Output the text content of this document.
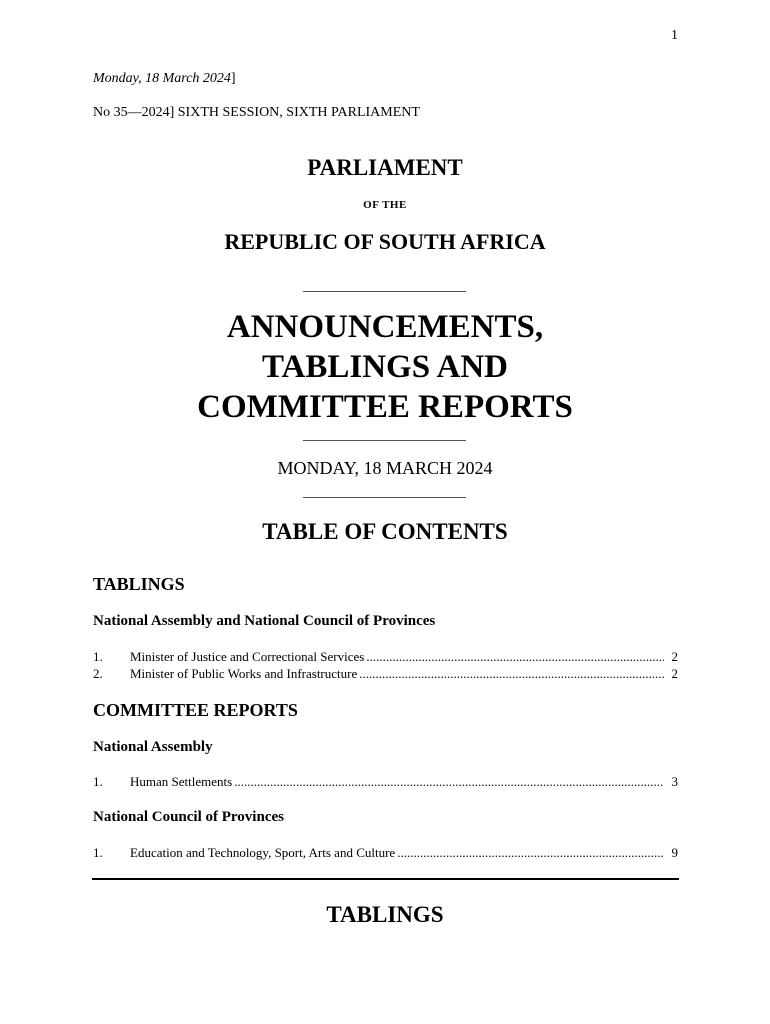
1
Monday, 18 March 2024]
No 35—2024] SIXTH SESSION, SIXTH PARLIAMENT
PARLIAMENT
OF THE
REPUBLIC OF SOUTH AFRICA
ANNOUNCEMENTS,
TABLINGS AND
COMMITTEE REPORTS
MONDAY, 18 MARCH 2024
TABLE OF CONTENTS
TABLINGS
National Assembly and National Council of Provinces
1.	Minister of Justice and Correctional Services .....	2
2.	Minister of Public Works and Infrastructure .....	2
COMMITTEE REPORTS
National Assembly
1.	Human Settlements .....	3
National Council of Provinces
1.	Education and Technology, Sport, Arts and Culture .....	9
TABLINGS
